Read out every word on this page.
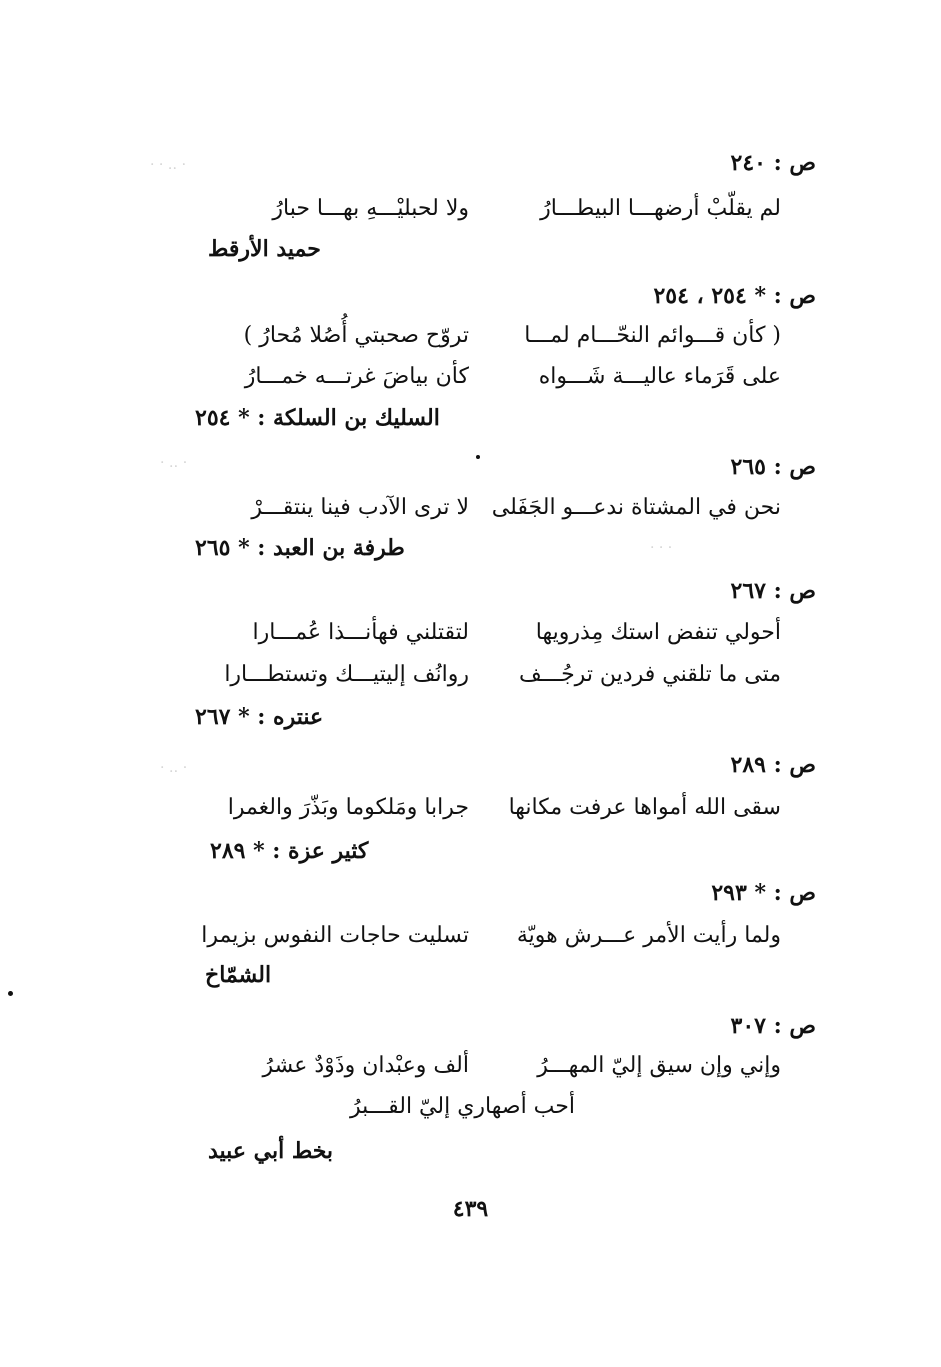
ص : ٢٤٠
لم يقلّبْ أرضهـــا البيطـــارُ
ولا لحبليْـــهِ بهـــا حبارُ
حميد الأرقط
ص : * ٢٥٤ ، ٢٥٤
( كأن قـــوائم النحّـــام لمـــا
تروّح صحبتي أُصُلا مُحارُ )
على قَرَماء عاليـــة شَـــواه
كأن بياضَ غرتـــه خمـــارُ
السليك بن السلكة : * ٢٥٤
ص : ٢٦٥
نحن في المشتاة ندعـــو الجَفَلى
لا ترى الآدب فينا ينتقـــرْ
طرفة بن العبد : * ٢٦٥
ص : ٢٦٧
أحولي تنفض استك مِذرويها
لتقتلني فهأنـــذا عُمـــارا
متى ما تلقني فردين ترجُـــف
روانُف إليتيـــك وتستطـــارا
عنتره : * ٢٦٧
ص : ٢٨٩
سقى الله أمواها عرفت مكانها
جرابا ومَلكوما وبَذّرَ والغمرا
كثير عزة : * ٢٨٩
ص : * ٢٩٣
ولما رأيت الأمر عـــرش هويّة
تسليت حاجات النفوس بزيمرا
الشمّاخ
ص : ٣٠٧
وإني وإن سيق إليّ المهـــرُ
ألف وعبْدان وذَوْدٌ عشرُ
أحب أصهاري إليّ القـــبرُ
بخط أبي عبيد
· · ‥ ·
· ‥ ·
· ‥ ·
· · ·
٤٣٩
